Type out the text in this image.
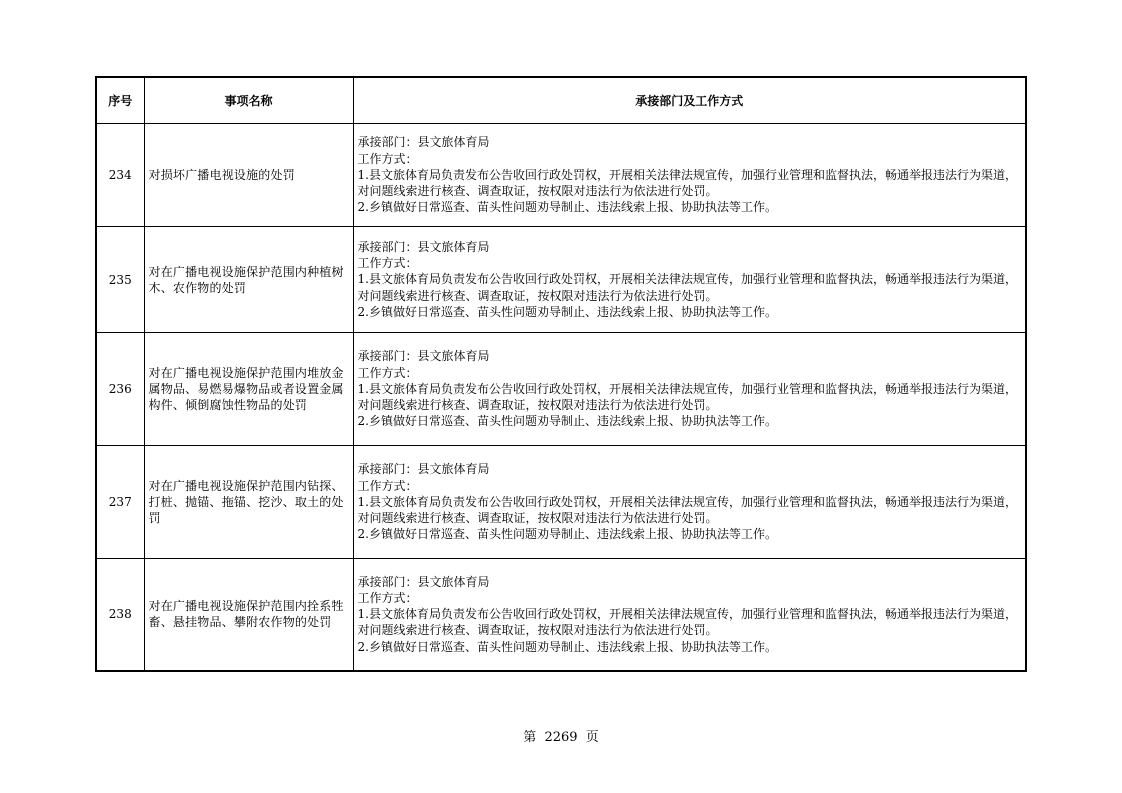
序号	事项名称	承接部门及工作方式
234	对损坏广播电视设施的处罚	承接部门：县文旅体育局
工作方式：
1.县文旅体育局负责发布公告收回行政处罚权，开展相关法律法规宣传，加强行业管理和监督执法，畅通举报违法行为渠道，对问题线索进行核查、调查取证，按权限对违法行为依法进行处罚。
2.乡镇做好日常巡查、苗头性问题劝导制止、违法线索上报、协助执法等工作。

235	对在广播电视设施保护范围内种植树木、农作物的处罚	承接部门：县文旅体育局
工作方式：
1.县文旅体育局负责发布公告收回行政处罚权，开展相关法律法规宣传，加强行业管理和监督执法，畅通举报违法行为渠道，对问题线索进行核查、调查取证，按权限对违法行为依法进行处罚。
2.乡镇做好日常巡查、苗头性问题劝导制止、违法线索上报、协助执法等工作。

236	对在广播电视设施保护范围内堆放金属物品、易燃易爆物品或者设置金属构件、倾倒腐蚀性物品的处罚	承接部门：县文旅体育局
工作方式：
1.县文旅体育局负责发布公告收回行政处罚权，开展相关法律法规宣传，加强行业管理和监督执法，畅通举报违法行为渠道，对问题线索进行核查、调查取证，按权限对违法行为依法进行处罚。
2.乡镇做好日常巡查、苗头性问题劝导制止、违法线索上报、协助执法等工作。

237	对在广播电视设施保护范围内钻探、打桩、抛锚、拖锚、挖沙、取土的处罚	承接部门：县文旅体育局
工作方式：
1.县文旅体育局负责发布公告收回行政处罚权，开展相关法律法规宣传，加强行业管理和监督执法，畅通举报违法行为渠道，对问题线索进行核查、调查取证，按权限对违法行为依法进行处罚。
2.乡镇做好日常巡查、苗头性问题劝导制止、违法线索上报、协助执法等工作。

238	对在广播电视设施保护范围内拴系牲畜、悬挂物品、攀附农作物的处罚	承接部门：县文旅体育局
工作方式：
1.县文旅体育局负责发布公告收回行政处罚权，开展相关法律法规宣传，加强行业管理和监督执法，畅通举报违法行为渠道，对问题线索进行核查、调查取证，按权限对违法行为依法进行处罚。
2.乡镇做好日常巡查、苗头性问题劝导制止、违法线索上报、协助执法等工作。
第 2269 页
